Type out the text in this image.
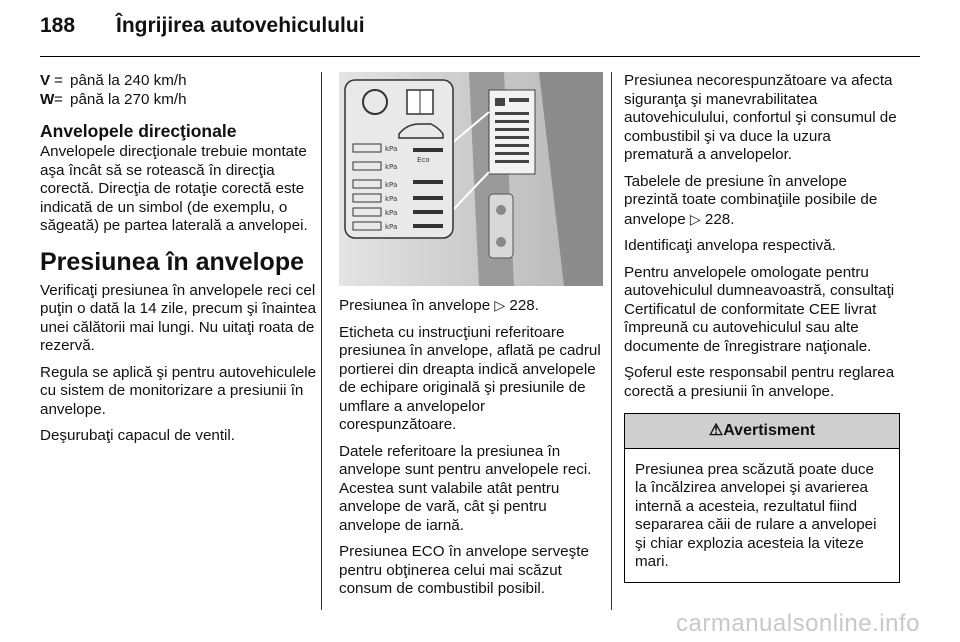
188 Îngrijirea autovehiculului
V = până la 240 km/h
W = până la 270 km/h
Anvelopele direcţionale

Anvelopele direcţionale trebuie montate aşa încât să se rotească în direcţia corectă. Direcţia de rotaţie corectă este indicată de un simbol (de exemplu, o săgeată) pe partea laterală a anvelopei.

Presiunea în anvelope

Verificaţi presiunea în anvelopele reci cel puţin o dată la 14 zile, precum şi înaintea unei călătorii mai lungi. Nu uitaţi roata de rezervă.

Regula se aplică şi pentru autovehiculele cu sistem de monitorizare a presiunii în anvelope.

Deşurubaţi capacul de ventil.

kPa
kPa
Eco
kPa
kPa
kPa
kPa

Presiunea în anvelope ▷ 228.

Eticheta cu instrucţiuni referitoare presiunea în anvelope, aflată pe cadrul portierei din dreapta indică anvelopele de echipare originală şi presiunile de umflare a anvelopelor corespunzătoare.

Datele referitoare la presiunea în anvelope sunt pentru anvelopele reci. Acestea sunt valabile atât pentru anvelope de vară, cât şi pentru anvelope de iarnă.

Presiunea ECO în anvelope serveşte pentru obţinerea celui mai scăzut consum de combustibil posibil.

Presiunea necorespunzătoare va afecta siguranţa şi manevrabilitatea autovehiculului, confortul şi consumul de combustibil şi va duce la uzura prematură a anvelopelor.

Tabelele de presiune în anvelope prezintă toate combinaţiile posibile de anvelope ▷ 228.

Identificaţi anvelopa respectivă.

Pentru anvelopele omologate pentru autovehiculul dumneavoastră, consultaţi Certificatul de conformitate CEE livrat împreună cu autovehiculul sau alte documente de înregistrare naţionale.

Şoferul este responsabil pentru reglarea corectă a presiunii în anvelope.

⚠Avertisment
Presiunea prea scăzută poate duce la încălzirea anvelopei şi avarierea internă a acesteia, rezultatul fiind separarea căii de rulare a anvelopei şi chiar explozia acesteia la viteze mari.
carmanualsonline.info
